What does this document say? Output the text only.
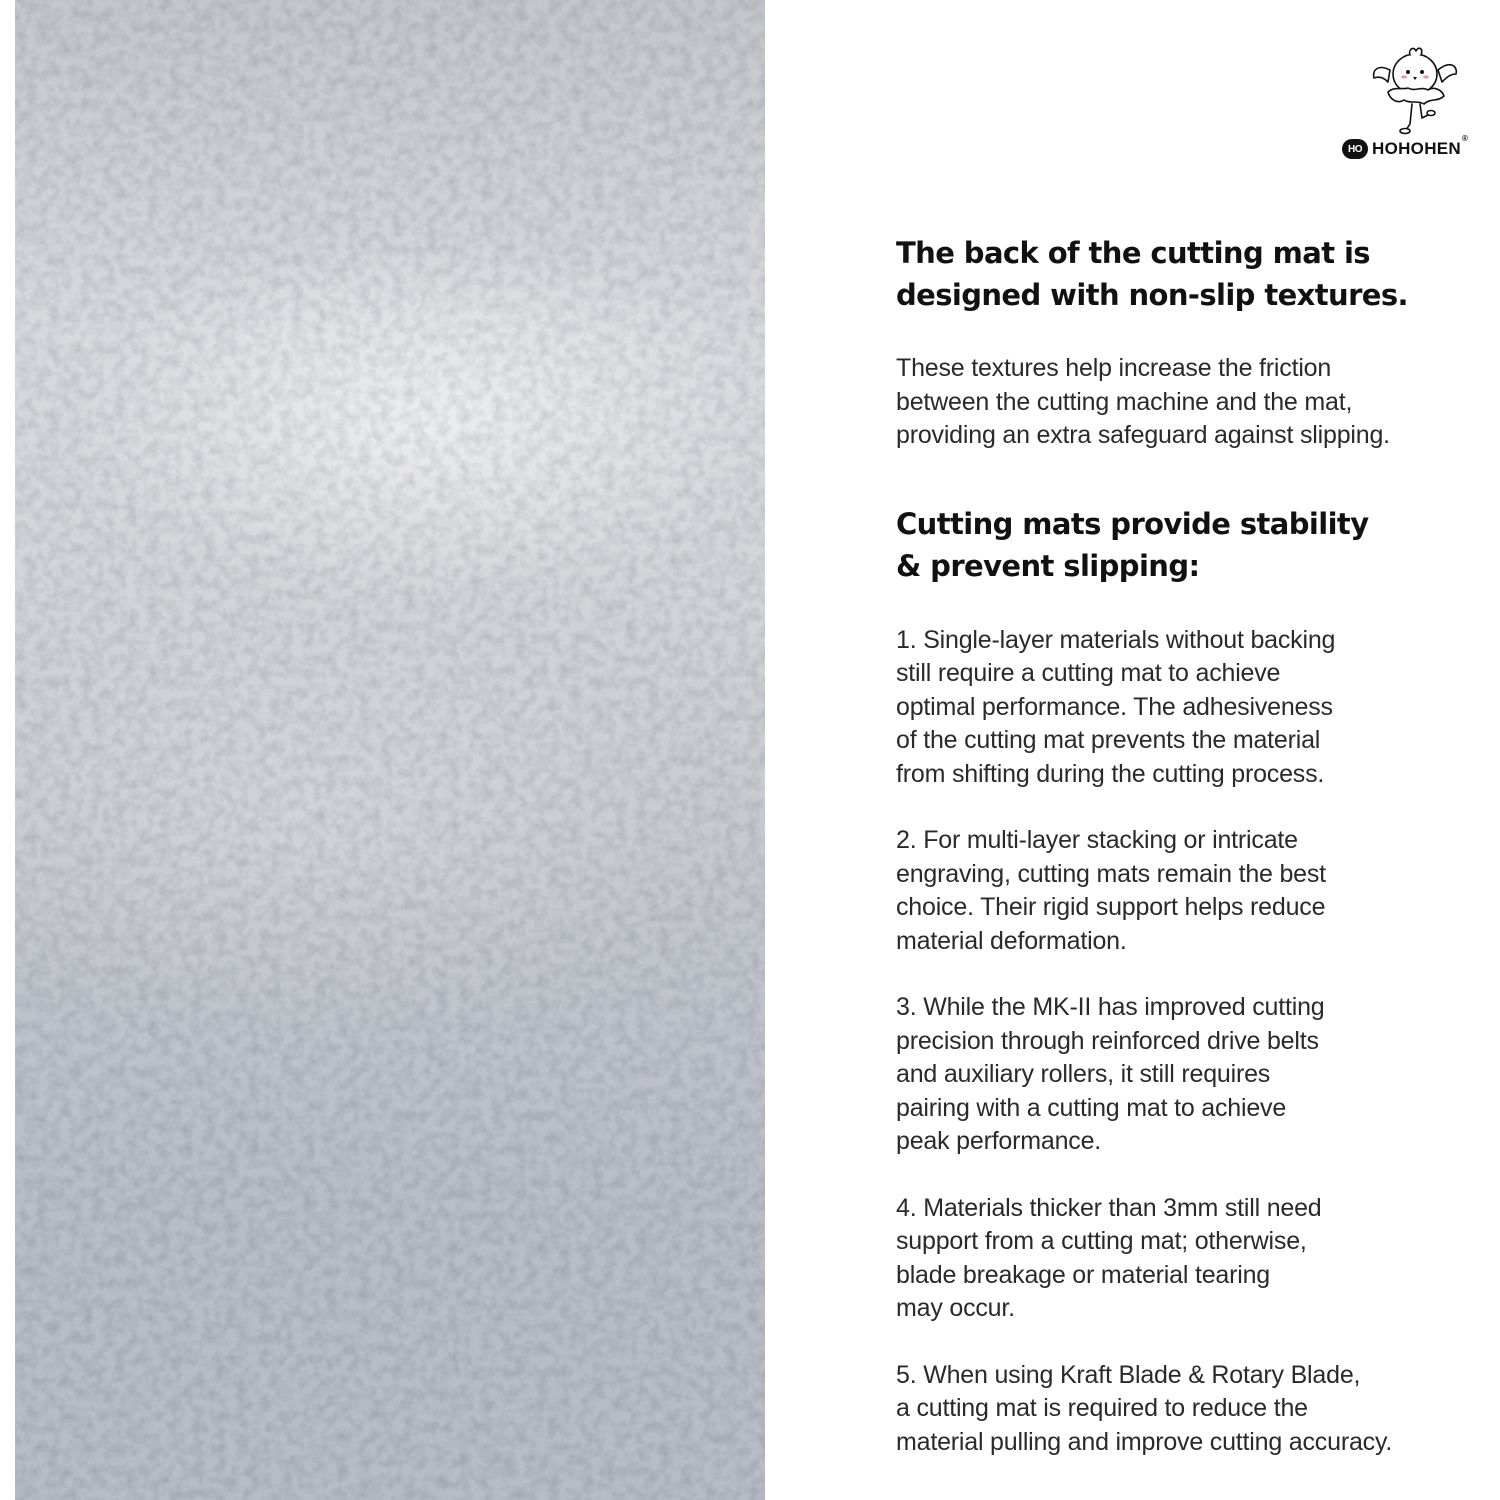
HO HOHOHEN®
The back of the cutting mat is
designed with non-slip textures.

These textures help increase the friction
between the cutting machine and the mat,
providing an extra safeguard against slipping.

Cutting mats provide stability
& prevent slipping:

1. Single-layer materials without backing
still require a cutting mat to achieve
optimal performance. The adhesiveness
of the cutting mat prevents the material
from shifting during the cutting process.

2. For multi-layer stacking or intricate
engraving, cutting mats remain the best
choice. Their rigid support helps reduce
material deformation.

3. While the MK-II has improved cutting
precision through reinforced drive belts
and auxiliary rollers, it still requires
pairing with a cutting mat to achieve
peak performance.

4. Materials thicker than 3mm still need
support from a cutting mat; otherwise,
blade breakage or material tearing
may occur.

5. When using Kraft Blade & Rotary Blade,
a cutting mat is required to reduce the
material pulling and improve cutting accuracy.
